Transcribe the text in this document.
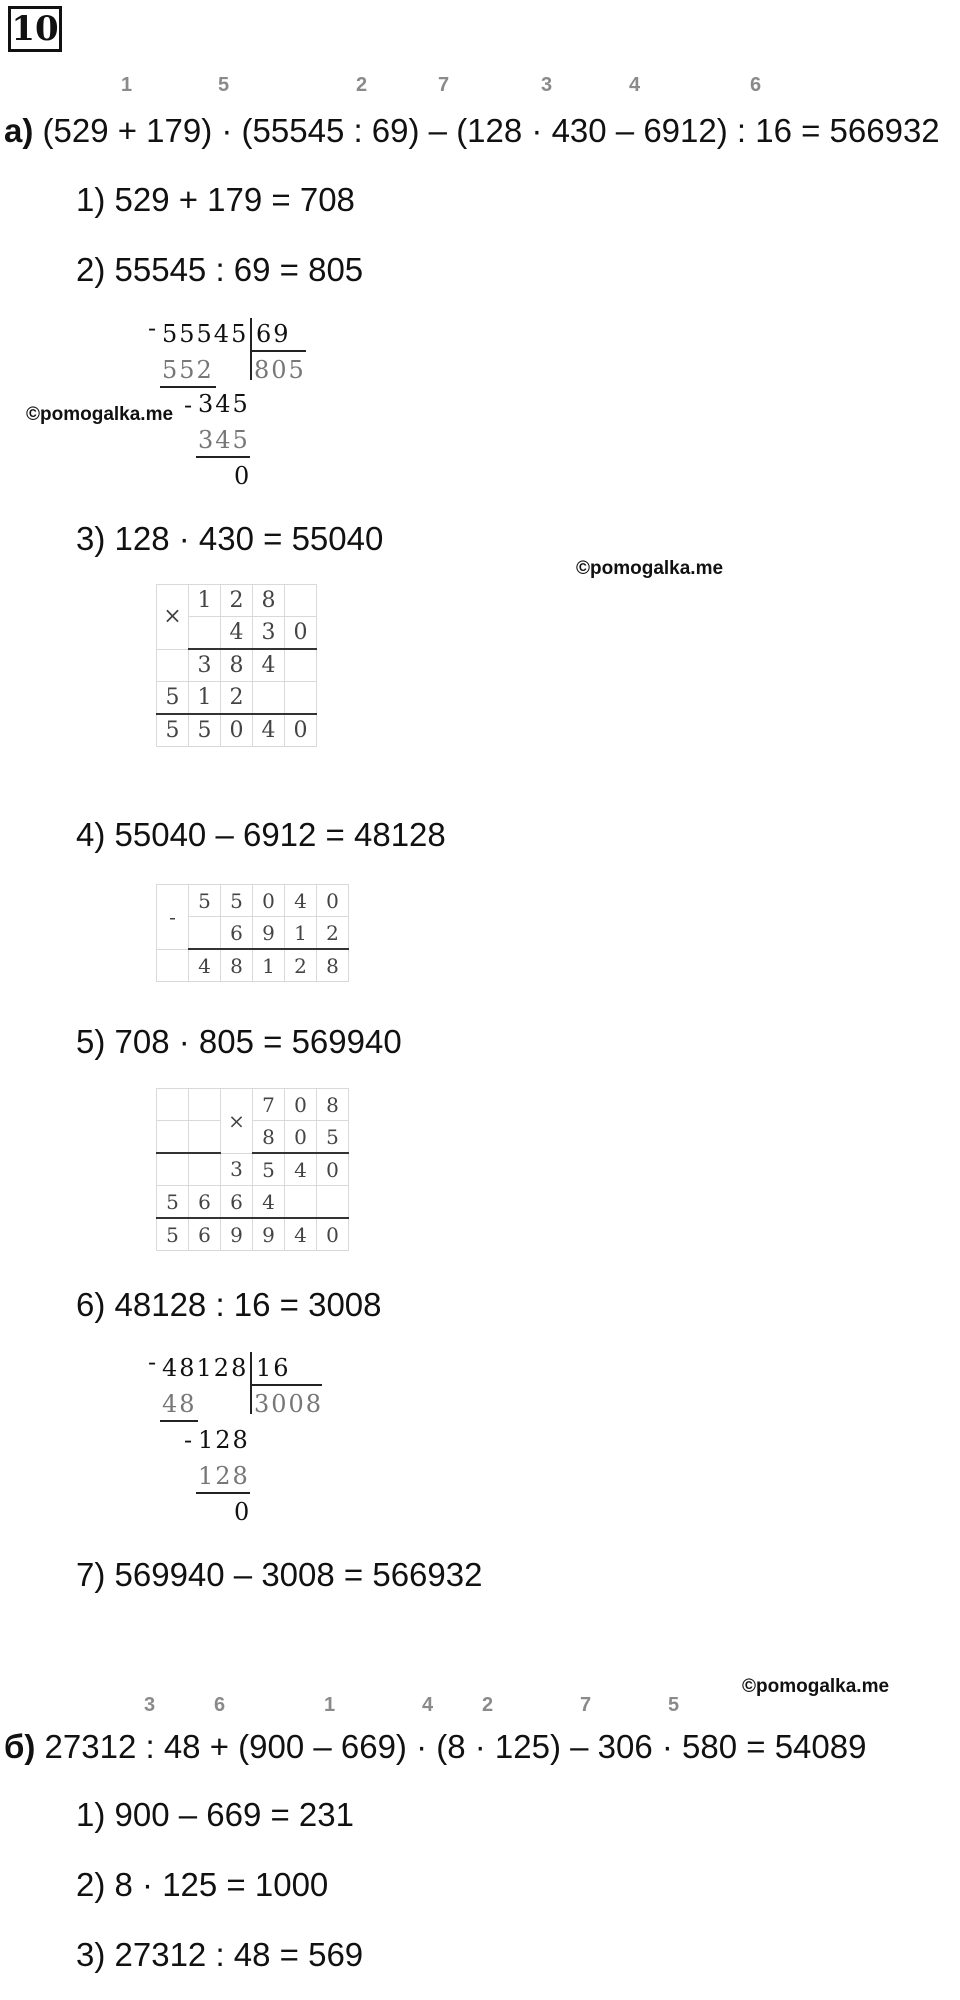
10
1	5	2	7	3	4	6
а) (529 + 179) · (55545 : 69) – (128 · 430 – 6912) : 16 = 566932
1) 529 + 179 = 708
2) 55545 : 69 = 805
- 55545 69
805
552
- 345
345
0
©pomogalka.me
3) 128 · 430 = 55040
©pomogalka.me
×	1	2	8	
		4	3	0
	3	8	4	
5	1	2		
5	5	0	4	0
4) 55040 – 6912 = 48128
-	5	5	0	4	0
		6	9	1	2
	4	8	1	2	8
5) 708 · 805 = 569940
		×	7	0	8
			8	0	5
		3	5	4	0
5	6	6	4		
5	6	9	9	4	0
6) 48128 : 16 = 3008
- 48128 16
3008
48
- 128
128
0
7) 569940 – 3008 = 566932
©pomogalka.me
3	6	1	4 2	7	5
б) 27312 : 48 + (900 – 669) · (8 · 125) – 306 · 580 = 54089
1) 900 – 669 = 231
2) 8 · 125 = 1000
3) 27312 : 48 = 569
